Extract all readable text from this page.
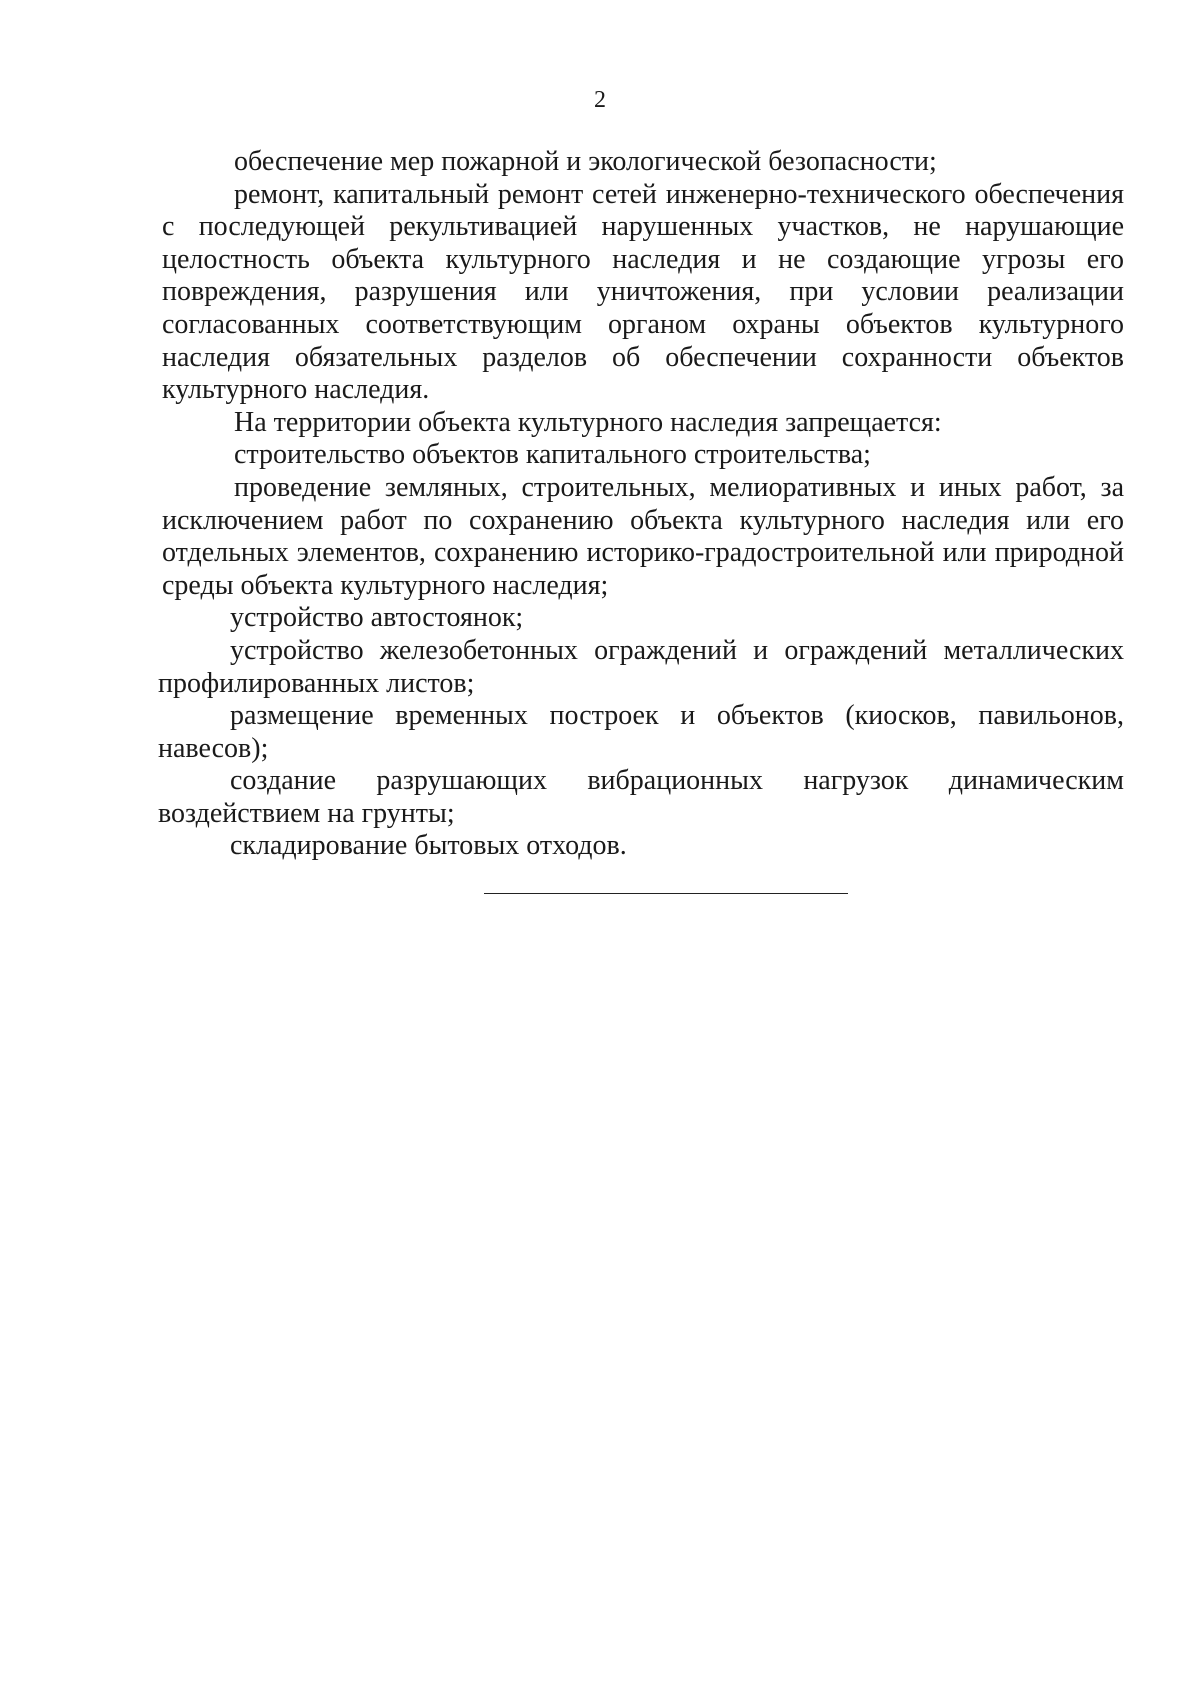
2

обеспечение мер пожарной и экологической безопасности;

ремонт, капитальный ремонт сетей инженерно-технического обеспечения с последующей рекультивацией нарушенных участков, не нарушающие целостность объекта культурного наследия и не создающие угрозы его повреждения, разрушения или уничтожения, при условии реализации согласованных соответствующим органом охраны объектов культурного наследия обязательных разделов об обеспечении сохранности объектов культурного наследия.

На территории объекта культурного наследия запрещается:

строительство объектов капитального строительства;

проведение земляных, строительных, мелиоративных и иных работ, за исключением работ по сохранению объекта культурного наследия или его отдельных элементов, сохранению историко-градостроительной или природной среды объекта культурного наследия;

устройство автостоянок;

устройство железобетонных ограждений и ограждений металлических профилированных листов;

размещение временных построек и объектов (киосков, павильонов, навесов);

создание разрушающих вибрационных нагрузок динамическим воздействием на грунты;

складирование бытовых отходов.
